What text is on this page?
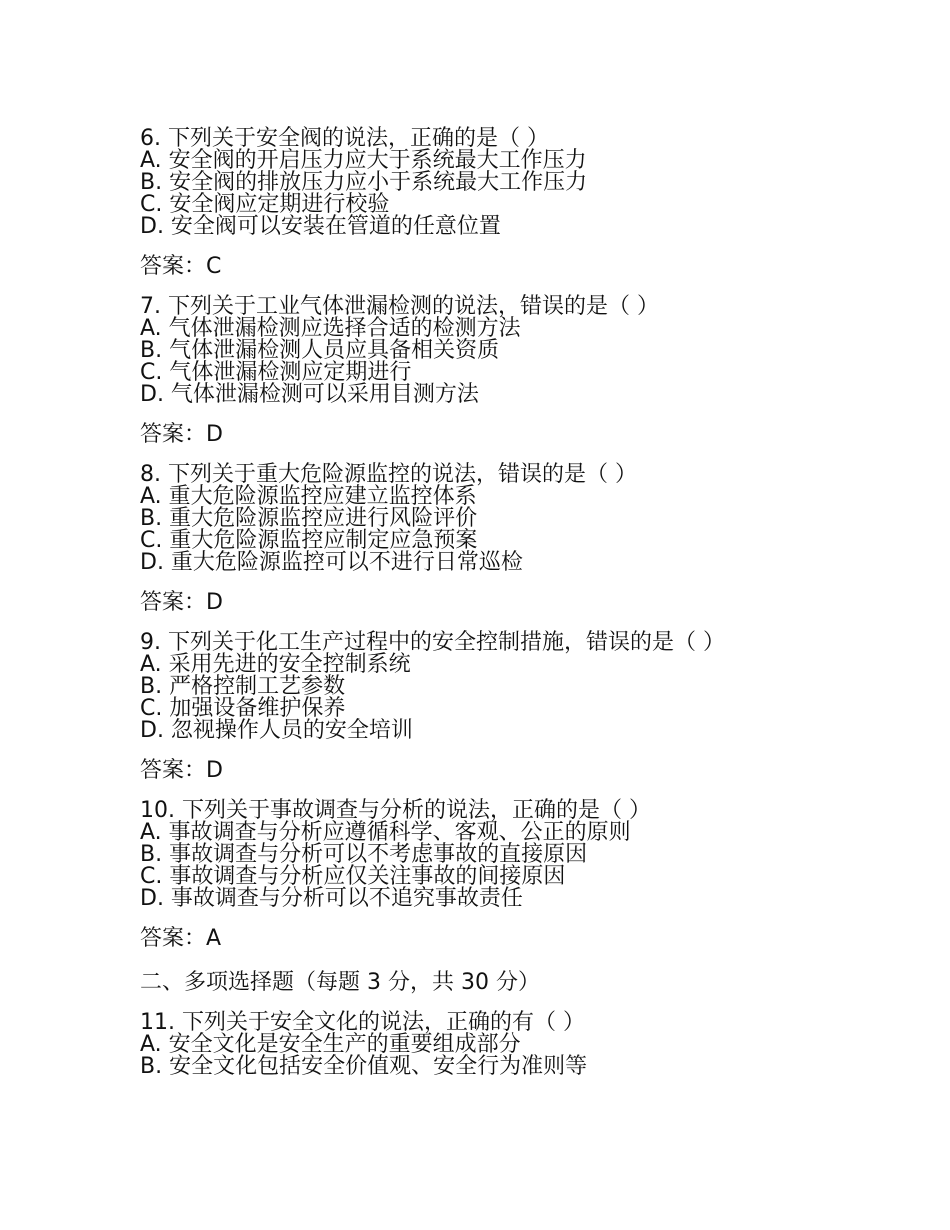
6. 下列关于安全阀的说法，正确的是（ ）
A. 安全阀的开启压力应大于系统最大工作压力
B. 安全阀的排放压力应小于系统最大工作压力
C. 安全阀应定期进行校验
D. 安全阀可以安装在管道的任意位置
答案：C
7. 下列关于工业气体泄漏检测的说法，错误的是（ ）
A. 气体泄漏检测应选择合适的检测方法
B. 气体泄漏检测人员应具备相关资质
C. 气体泄漏检测应定期进行
D. 气体泄漏检测可以采用目测方法
答案：D
8. 下列关于重大危险源监控的说法，错误的是（ ）
A. 重大危险源监控应建立监控体系
B. 重大危险源监控应进行风险评价
C. 重大危险源监控应制定应急预案
D. 重大危险源监控可以不进行日常巡检
答案：D
9. 下列关于化工生产过程中的安全控制措施，错误的是（ ）
A. 采用先进的安全控制系统
B. 严格控制工艺参数
C. 加强设备维护保养
D. 忽视操作人员的安全培训
答案：D
10. 下列关于事故调查与分析的说法，正确的是（ ）
A. 事故调查与分析应遵循科学、客观、公正的原则
B. 事故调查与分析可以不考虑事故的直接原因
C. 事故调查与分析应仅关注事故的间接原因
D. 事故调查与分析可以不追究事故责任
答案：A
二、多项选择题（每题 3 分，共 30 分）
11. 下列关于安全文化的说法，正确的有（ ）
A. 安全文化是安全生产的重要组成部分
B. 安全文化包括安全价值观、安全行为准则等
